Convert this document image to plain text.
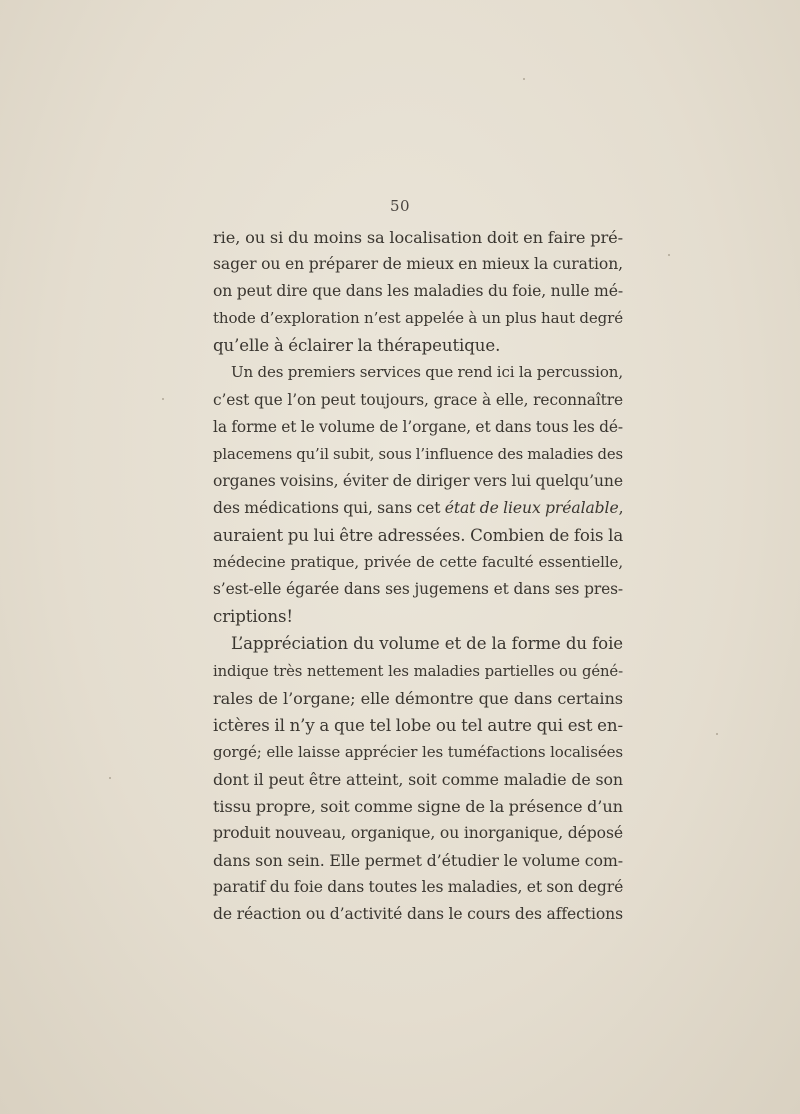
50
rie, ou si du moins sa localisation doit en faire pré-
sager ou en préparer de mieux en mieux la curation,
on peut dire que dans les maladies du foie, nulle mé-
thode d’exploration n’est appelée à un plus haut degré
qu’elle à éclairer la thérapeutique.
Un des premiers services que rend ici la percussion,
c’est que l’on peut toujours, grace à elle, reconnaître
la forme et le volume de l’organe, et dans tous les dé-
placemens qu’il subit, sous l’influence des maladies des
organes voisins, éviter de diriger vers lui quelqu’une
des médications qui, sans cet état de lieux préalable,
auraient pu lui être adressées. Combien de fois la
médecine pratique, privée de cette faculté essentielle,
s’est-elle égarée dans ses jugemens et dans ses pres-
criptions!
L’appréciation du volume et de la forme du foie
indique très nettement les maladies partielles ou géné-
rales de l’organe; elle démontre que dans certains
ictères il n’y a que tel lobe ou tel autre qui est en-
gorgé; elle laisse apprécier les tuméfactions localisées
dont il peut être atteint, soit comme maladie de son
tissu propre, soit comme signe de la présence d’un
produit nouveau, organique, ou inorganique, déposé
dans son sein. Elle permet d’étudier le volume com-
paratif du foie dans toutes les maladies, et son degré
de réaction ou d’activité dans le cours des affections
